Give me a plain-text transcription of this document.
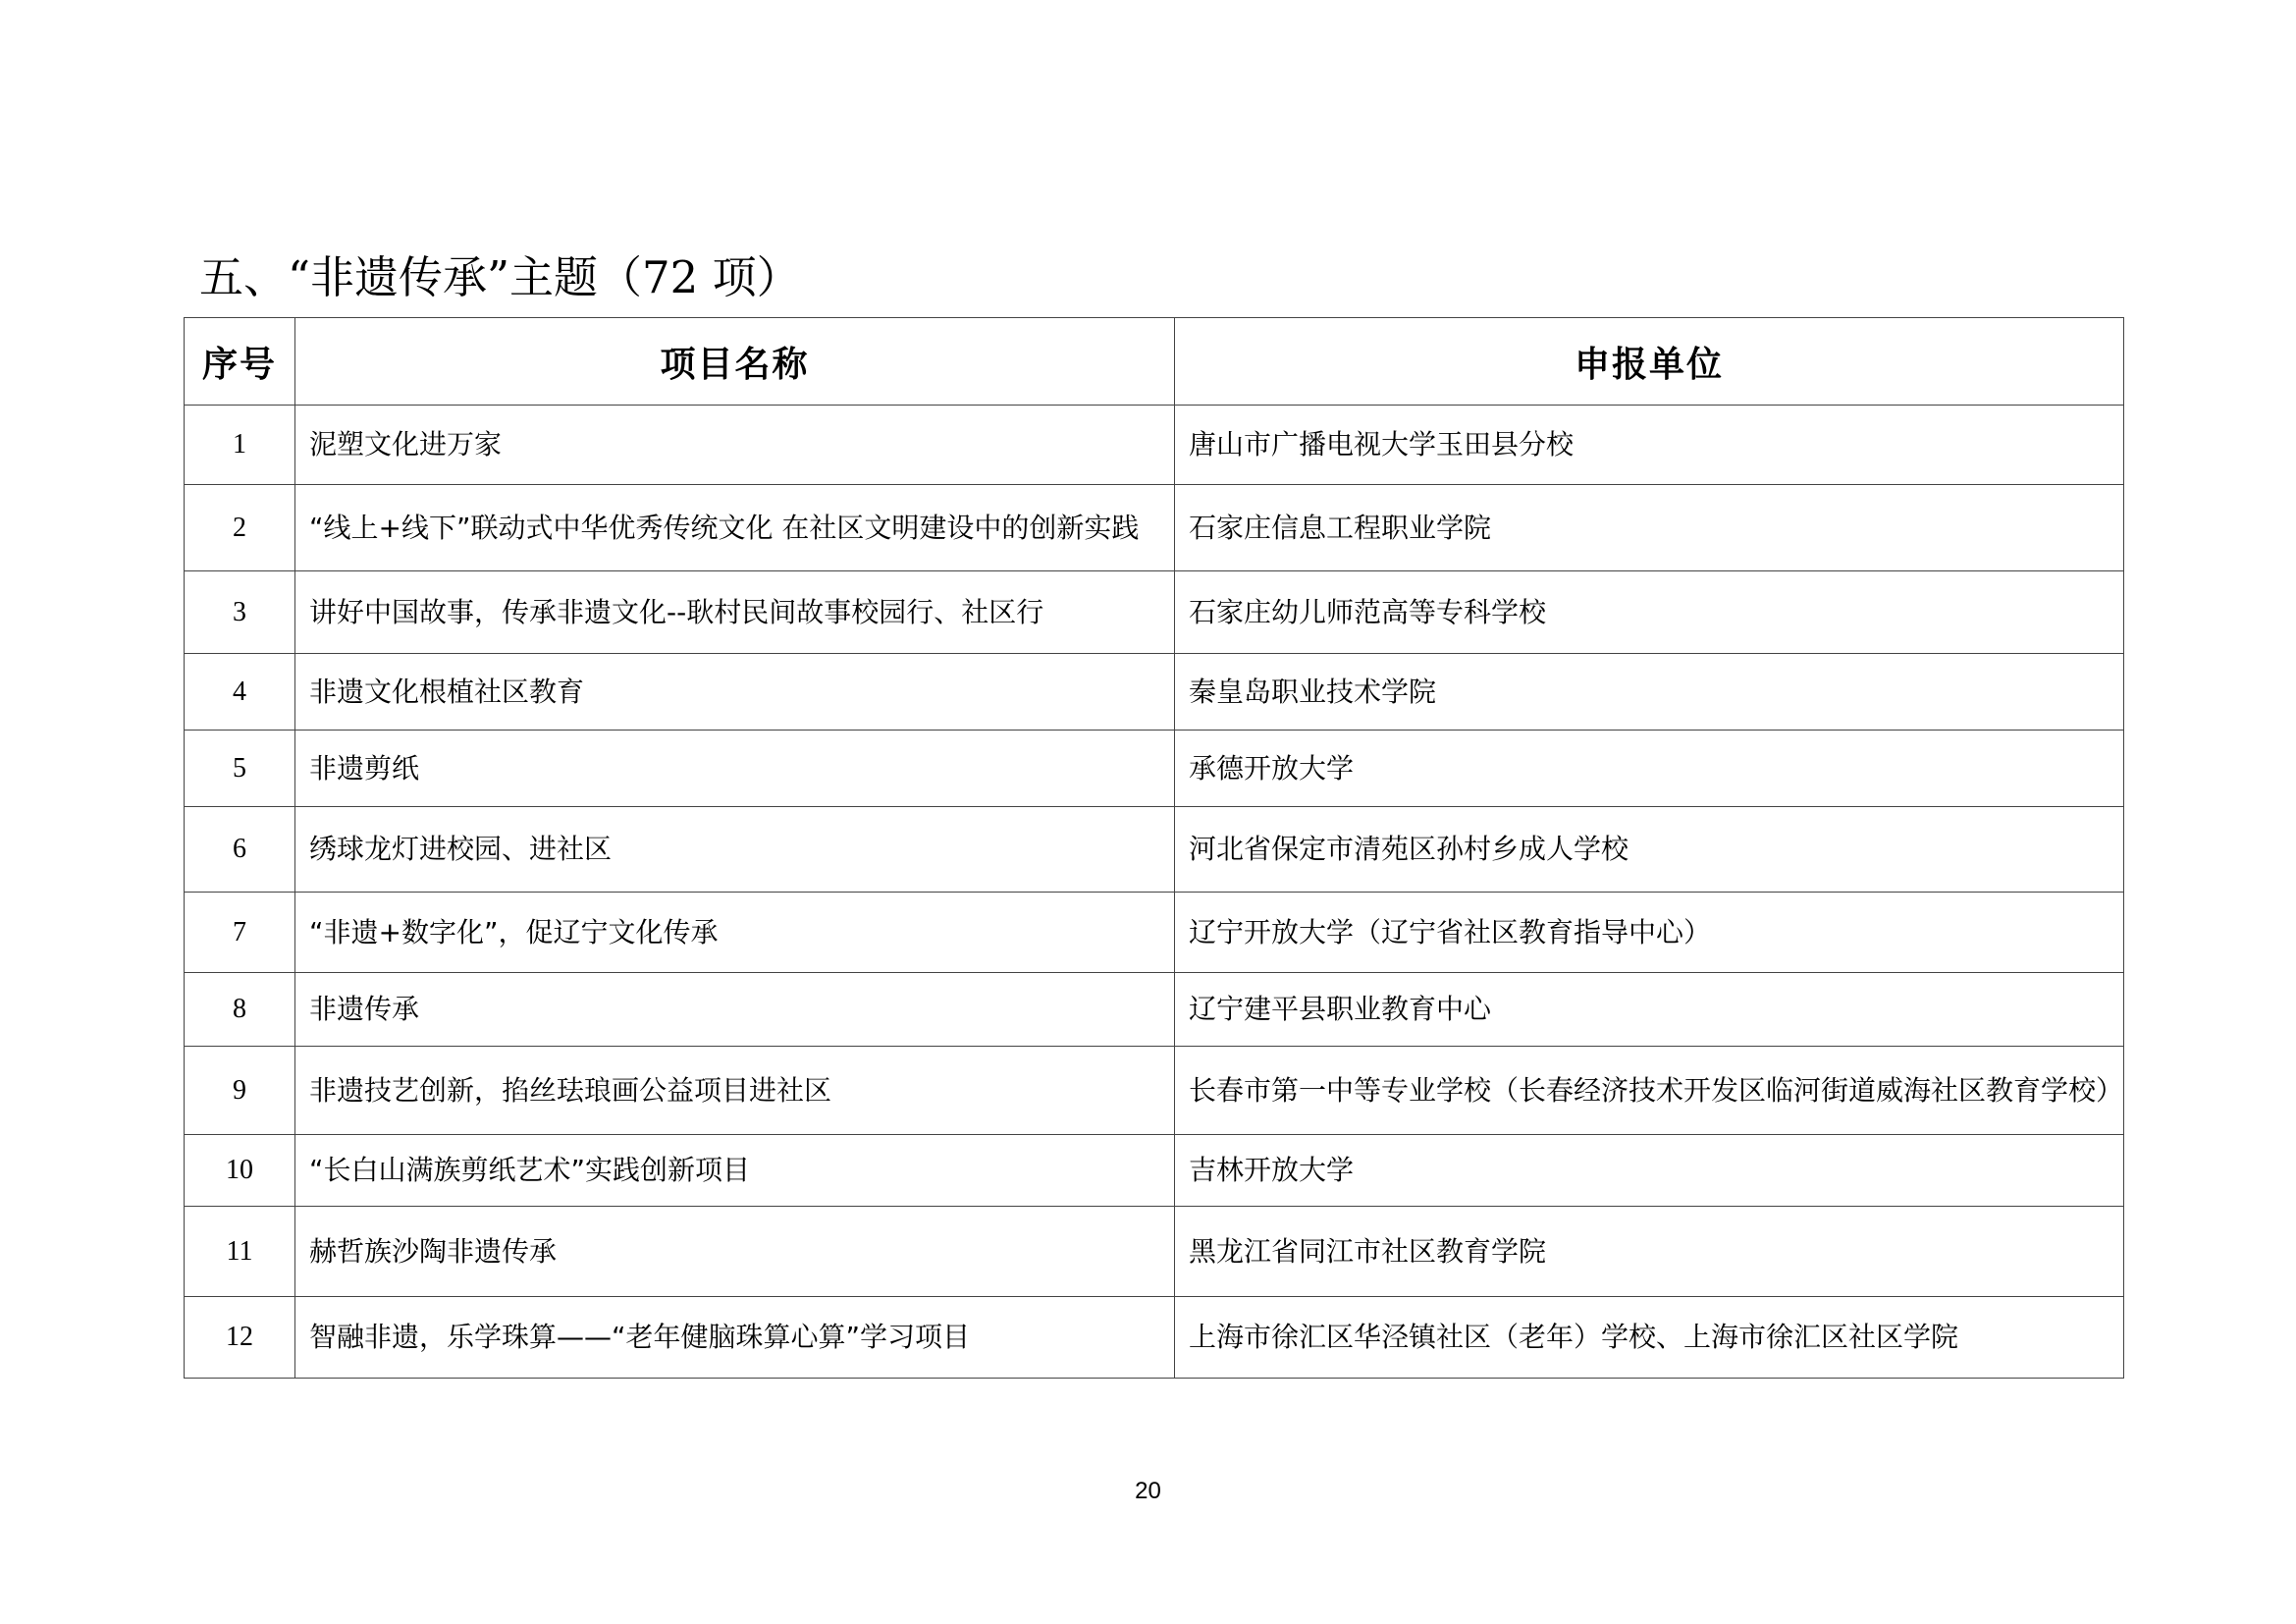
五、“非遗传承”主题（72 项）
序号	项目名称	申报单位
1	泥塑文化进万家	唐山市广播电视大学玉田县分校
2	“线上+线下”联动式中华优秀传统文化 在社区文明建设中的创新实践	石家庄信息工程职业学院
3	讲好中国故事，传承非遗文化--耿村民间故事校园行、社区行	石家庄幼儿师范高等专科学校
4	非遗文化根植社区教育	秦皇岛职业技术学院
5	非遗剪纸	承德开放大学
6	绣球龙灯进校园、进社区	河北省保定市清苑区孙村乡成人学校
7	“非遗+数字化”，促辽宁文化传承	辽宁开放大学（辽宁省社区教育指导中心）
8	非遗传承	辽宁建平县职业教育中心
9	非遗技艺创新，掐丝珐琅画公益项目进社区	长春市第一中等专业学校（长春经济技术开发区临河街道威海社区教育学校）
10	“长白山满族剪纸艺术”实践创新项目	吉林开放大学
11	赫哲族沙陶非遗传承	黑龙江省同江市社区教育学院
12	智融非遗，乐学珠算——“老年健脑珠算心算”学习项目	上海市徐汇区华泾镇社区（老年）学校、上海市徐汇区社区学院
20
